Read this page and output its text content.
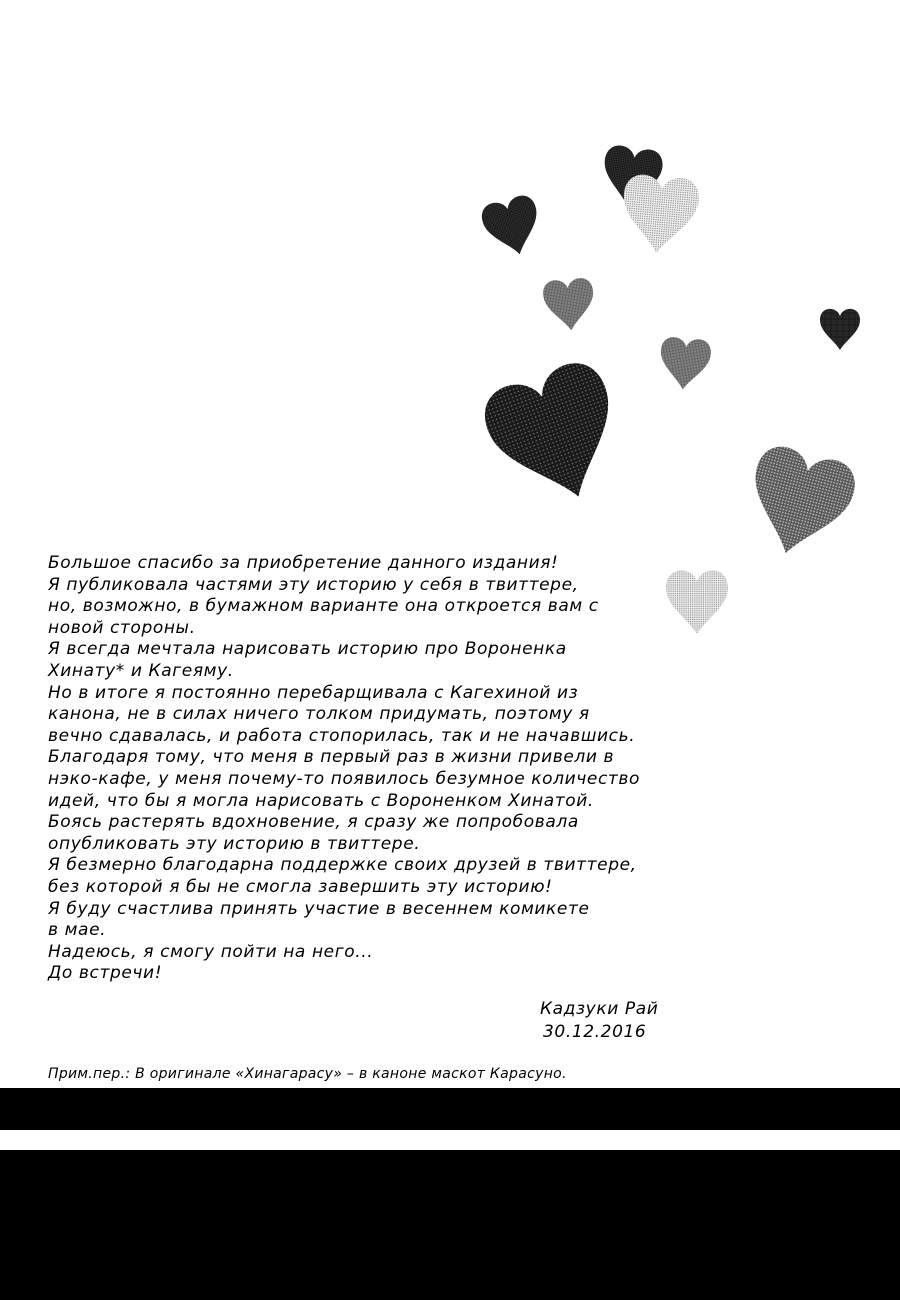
Большое спасибо за приобретение данного издания!
Я публиковала частями эту историю у себя в твиттере,
но, возможно, в бумажном варианте она откроется вам с
новой стороны.
Я всегда мечтала нарисовать историю про Вороненка
Хинату* и Кагеяму.
Но в итоге я постоянно перебарщивала с Кагехиной из
канона, не в силах ничего толком придумать, поэтому я
вечно сдавалась, и работа стопорилась, так и не начавшись.
Благодаря тому, что меня в первый раз в жизни привели в
нэко-кафе, у меня почему-то появилось безумное количество
идей, что бы я могла нарисовать с Вороненком Хинатой.
Боясь растерять вдохновение, я сразу же попробовала
опубликовать эту историю в твиттере.
Я безмерно благодарна поддержке своих друзей в твиттере,
без которой я бы не смогла завершить эту историю!
Я буду счастлива принять участие в весеннем комикете
в мае.
Надеюсь, я смогу пойти на него...
До встречи!
Кадзуки Рай
30.12.2016
Прим.пер.: В оригинале «Хинагарасу» – в каноне маскот Карасуно.
